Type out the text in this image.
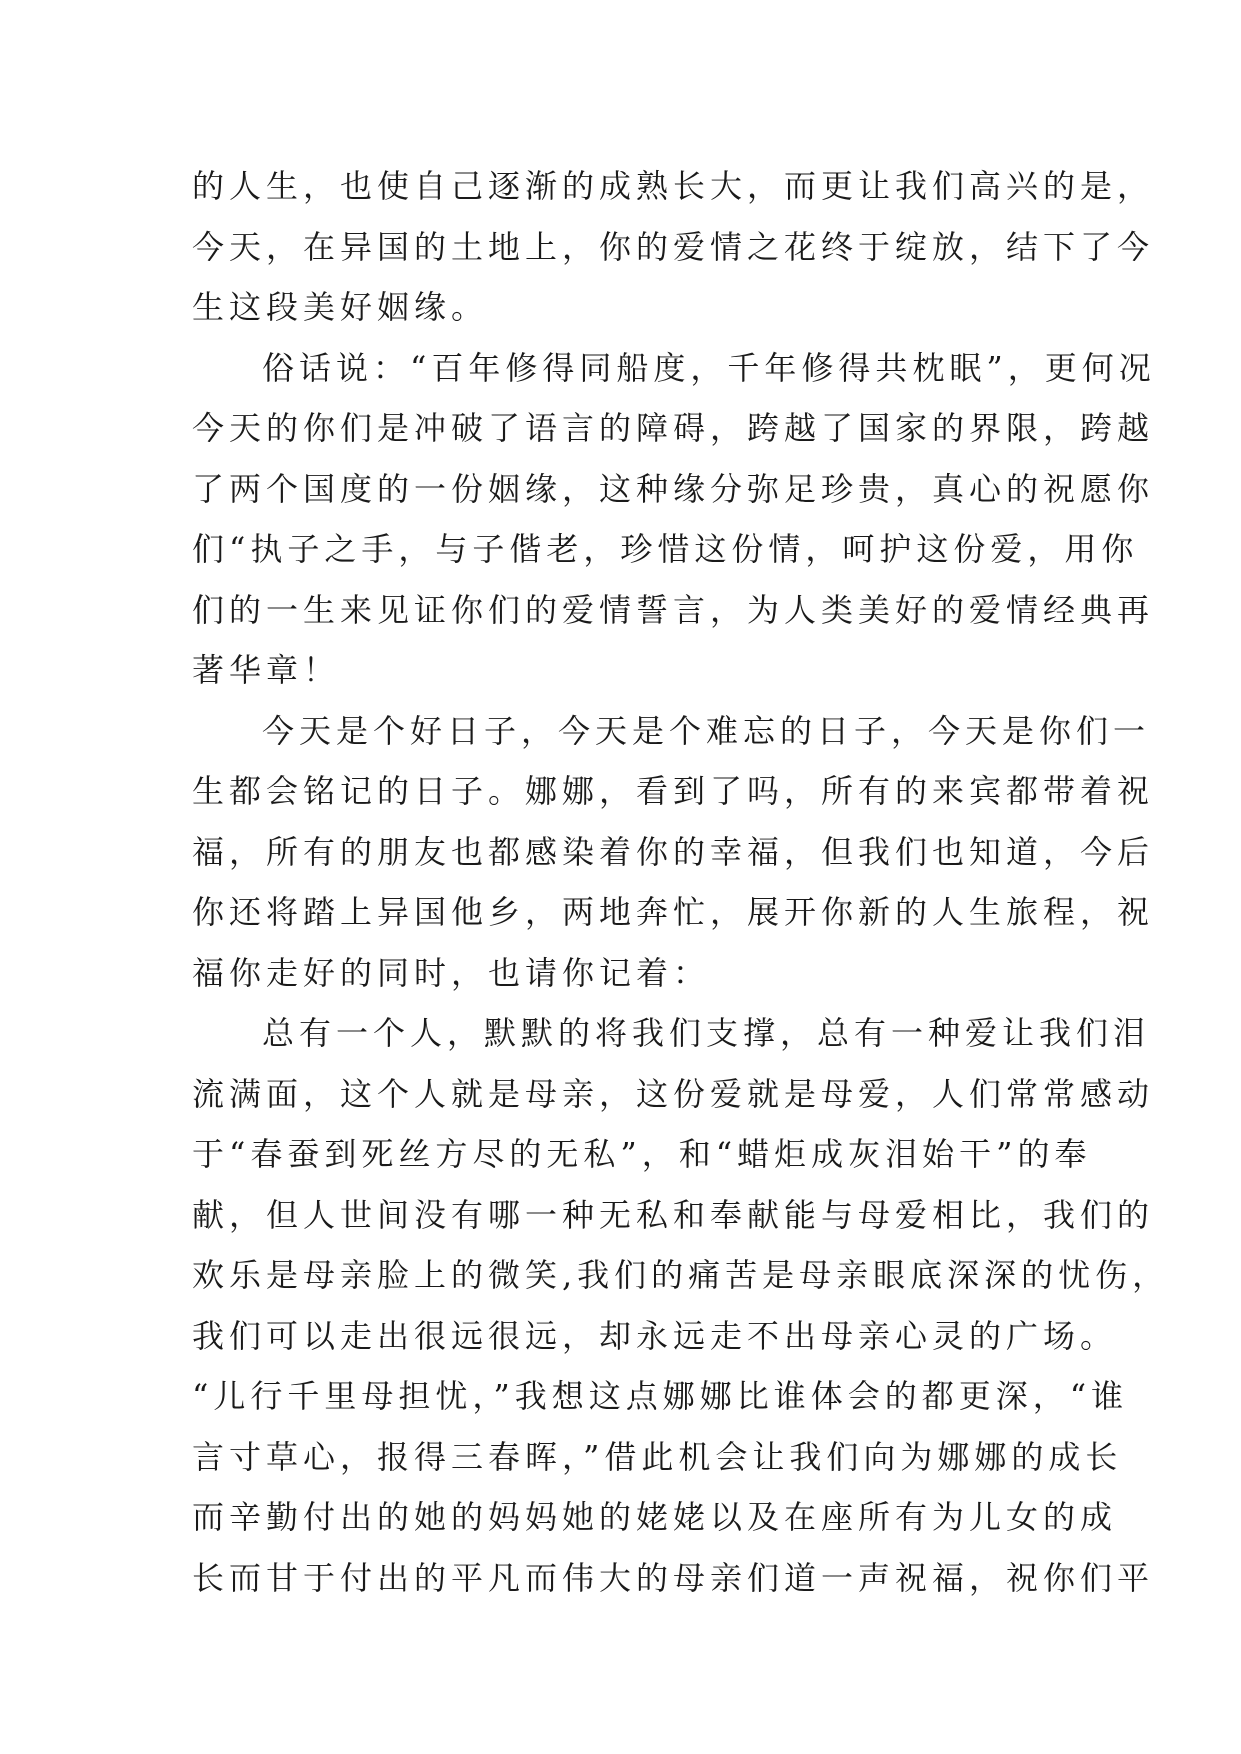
的人生，也使自己逐渐的成熟长大，而更让我们高兴的是，
今天，在异国的土地上，你的爱情之花终于绽放，结下了今
生这段美好姻缘。
俗话说：“百年修得同船度，千年修得共枕眠”，更何况
今天的你们是冲破了语言的障碍，跨越了国家的界限，跨越
了两个国度的一份姻缘，这种缘分弥足珍贵，真心的祝愿你
们“执子之手，与子偕老，珍惜这份情，呵护这份爱，用你
们的一生来见证你们的爱情誓言，为人类美好的爱情经典再
著华章！
今天是个好日子，今天是个难忘的日子，今天是你们一
生都会铭记的日子。娜娜，看到了吗，所有的来宾都带着祝
福，所有的朋友也都感染着你的幸福，但我们也知道，今后
你还将踏上异国他乡，两地奔忙，展开你新的人生旅程，祝
福你走好的同时，也请你记着：
总有一个人，默默的将我们支撑，总有一种爱让我们泪
流满面，这个人就是母亲，这份爱就是母爱，人们常常感动
于“春蚕到死丝方尽的无私”，和“蜡炬成灰泪始干”的奉
献，但人世间没有哪一种无私和奉献能与母爱相比，我们的
欢乐是母亲脸上的微笑,我们的痛苦是母亲眼底深深的忧伤，
我们可以走出很远很远，却永远走不出母亲心灵的广场。
“儿行千里母担忧，”我想这点娜娜比谁体会的都更深，“谁
言寸草心，报得三春晖，”借此机会让我们向为娜娜的成长
而辛勤付出的她的妈妈她的姥姥以及在座所有为儿女的成
长而甘于付出的平凡而伟大的母亲们道一声祝福，祝你们平
